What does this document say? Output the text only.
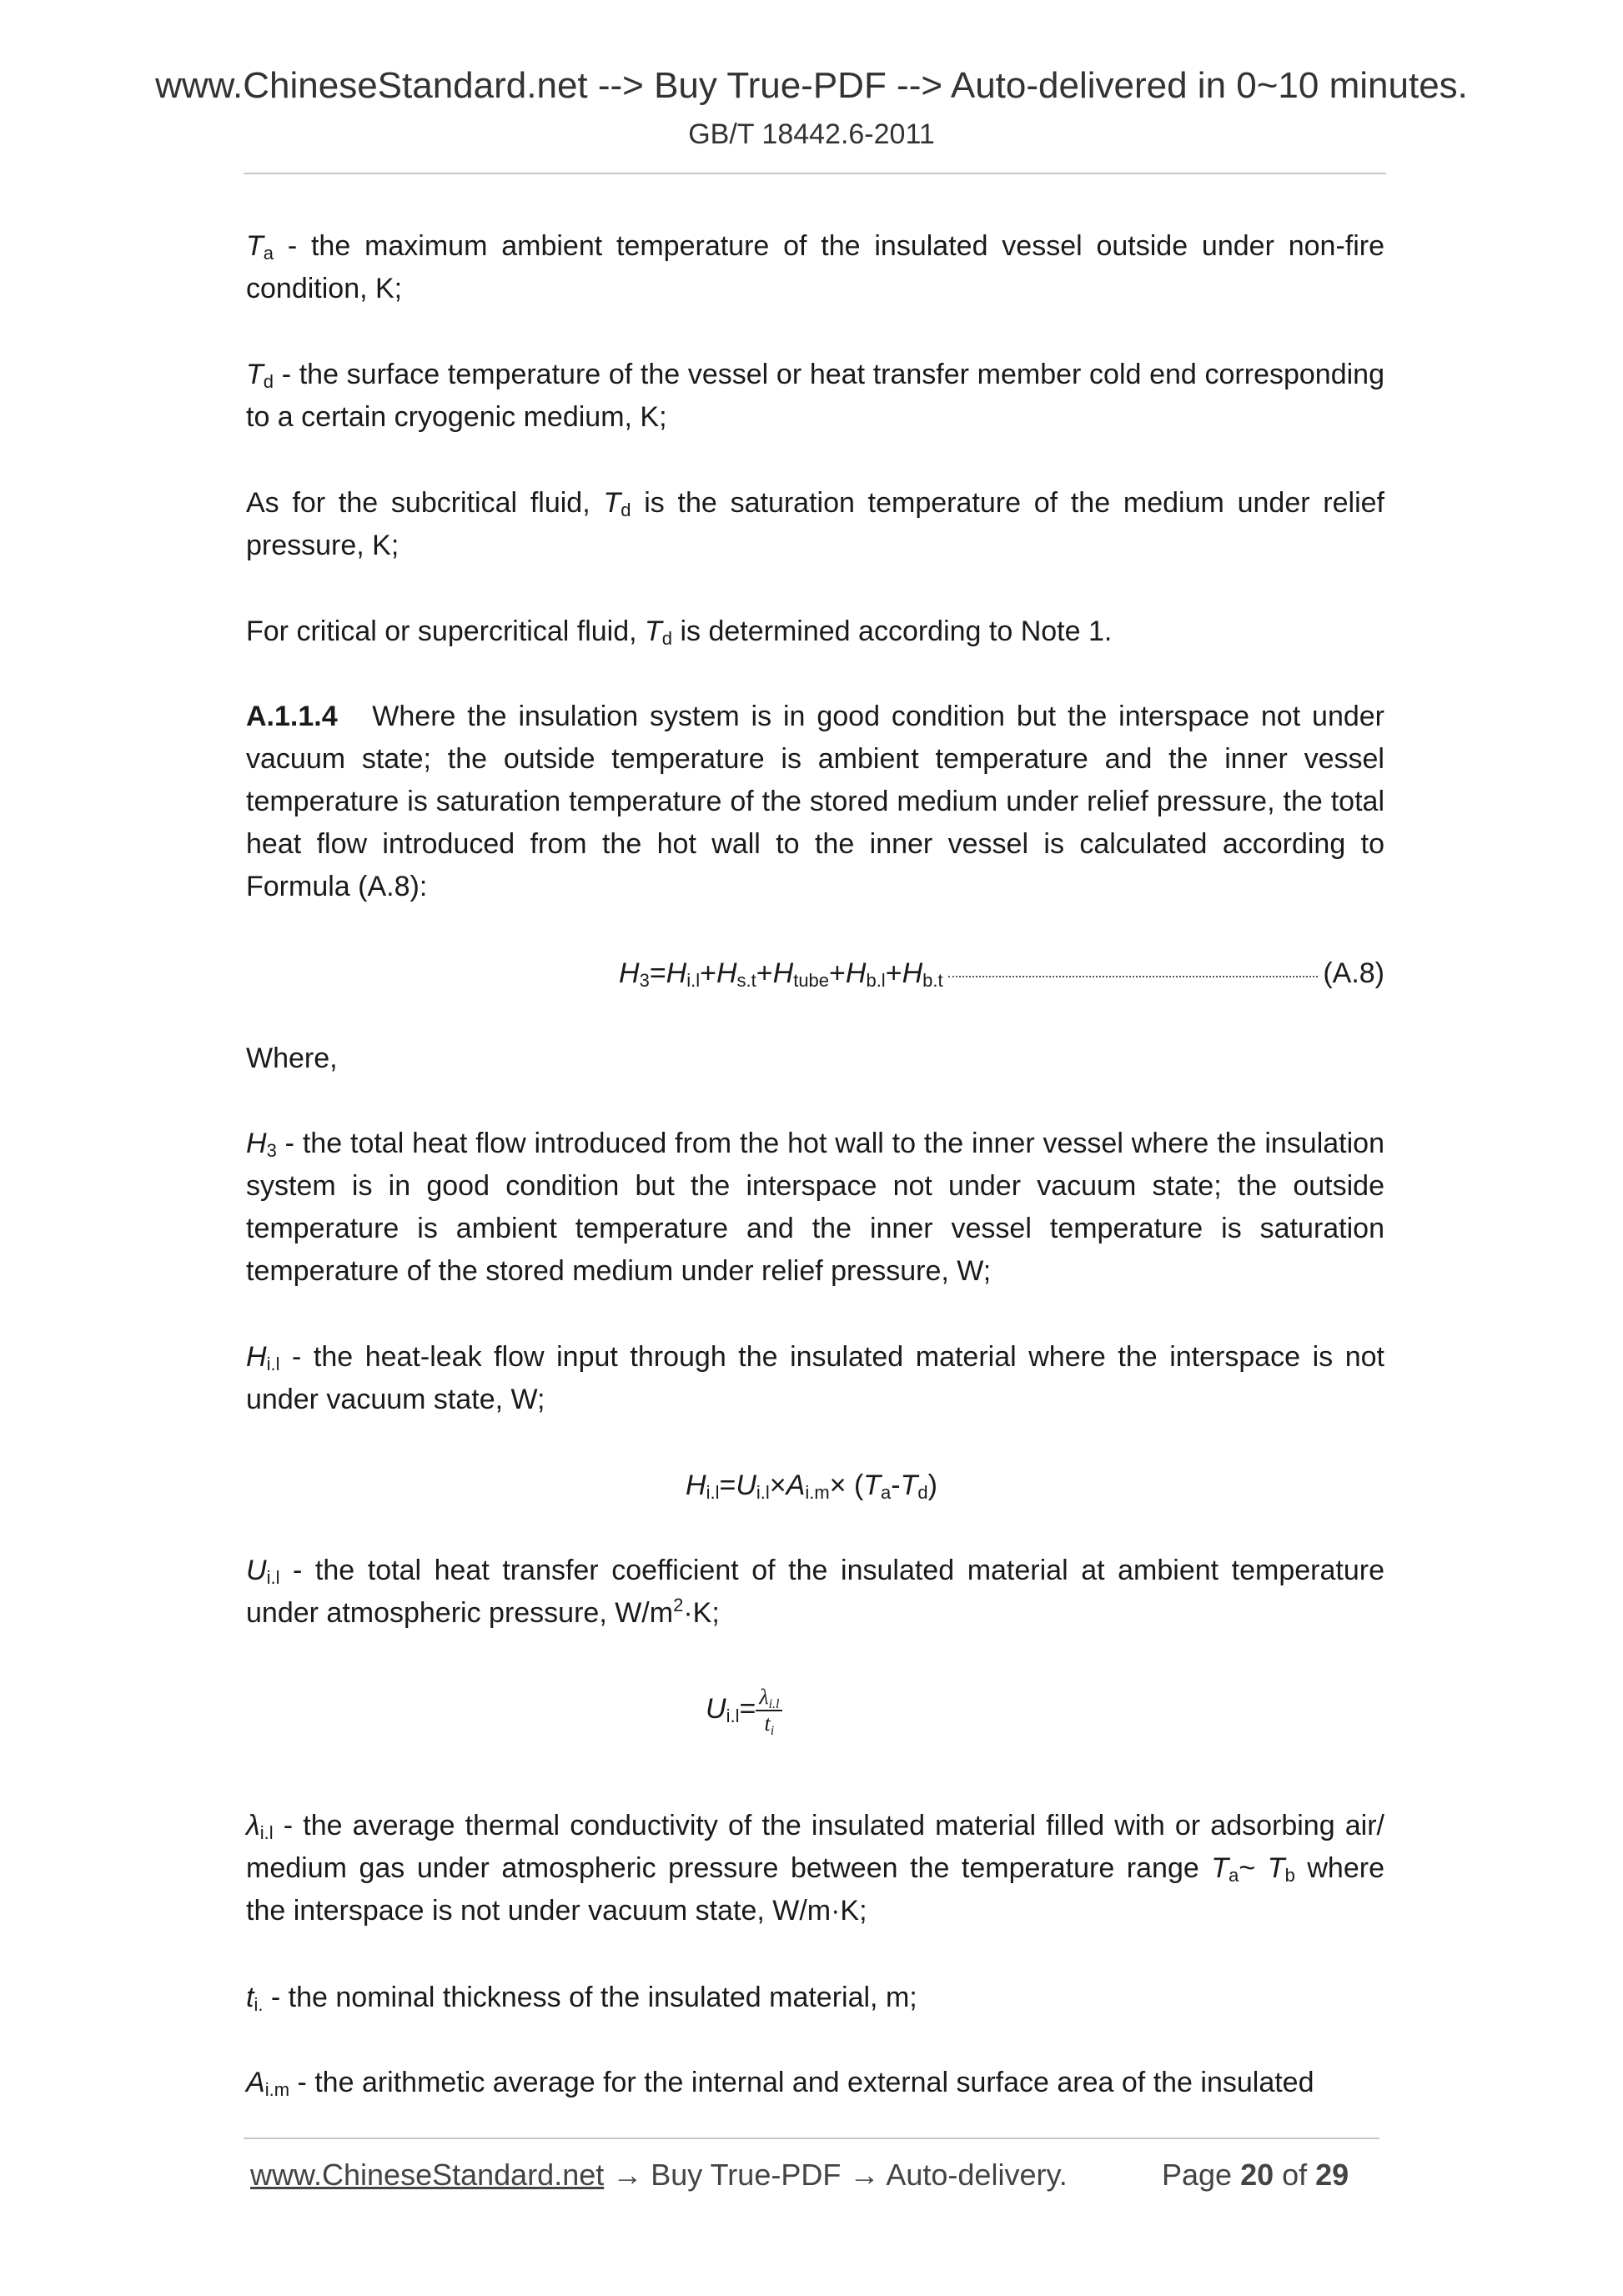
www.ChineseStandard.net --> Buy True-PDF --> Auto-delivered in 0~10 minutes.
GB/T 18442.6-2011
$T_a$ - the maximum ambient temperature of the insulated vessel outside under non-fire condition, K;
$T_d$ - the surface temperature of the vessel or heat transfer member cold end corresponding to a certain cryogenic medium, K;
As for the subcritical fluid, $T_d$ is the saturation temperature of the medium under relief pressure, K;
For critical or supercritical fluid, $T_d$ is determined according to Note 1.
A.1.1.4 Where the insulation system is in good condition but the interspace not under vacuum state; the outside temperature is ambient temperature and the inner vessel temperature is saturation temperature of the stored medium under relief pressure, the total heat flow introduced from the hot wall to the inner vessel is calculated according to Formula (A.8):
$H_3=H_{i.l}+H_{s.t}+H_{tube}+H_{b.l}+H_{b.t}$	(A.8)
Where,
$H_3$ - the total heat flow introduced from the hot wall to the inner vessel where the insulation system is in good condition but the interspace not under vacuum state; the outside temperature is ambient temperature and the inner vessel temperature is saturation temperature of the stored medium under relief pressure, W;
$H_{i.l}$ - the heat-leak flow input through the insulated material where the interspace is not under vacuum state, W;
$H_{i.l}=U_{i.l}\times A_{i.m}\times (T_a-T_d)$
$U_{i.l}$ - the total heat transfer coefficient of the insulated material at ambient temperature under atmospheric pressure, $W/m^2\cdot K$;
$U_{i.l}= \frac{\lambda_{i.l}}{t_i}$
$\lambda_{i.l}$ - the average thermal conductivity of the insulated material filled with or adsorbing air/ medium gas under atmospheric pressure between the temperature range $T_a\sim$ $T_b$ where the interspace is not under vacuum state, W/m·K;
$t_{i.}$ - the nominal thickness of the insulated material, m;
$A_{i.m}$ - the arithmetic average for the internal and external surface area of the insulated
www.ChineseStandard.net → Buy True-PDF → Auto-delivery.	Page 20 of 29
